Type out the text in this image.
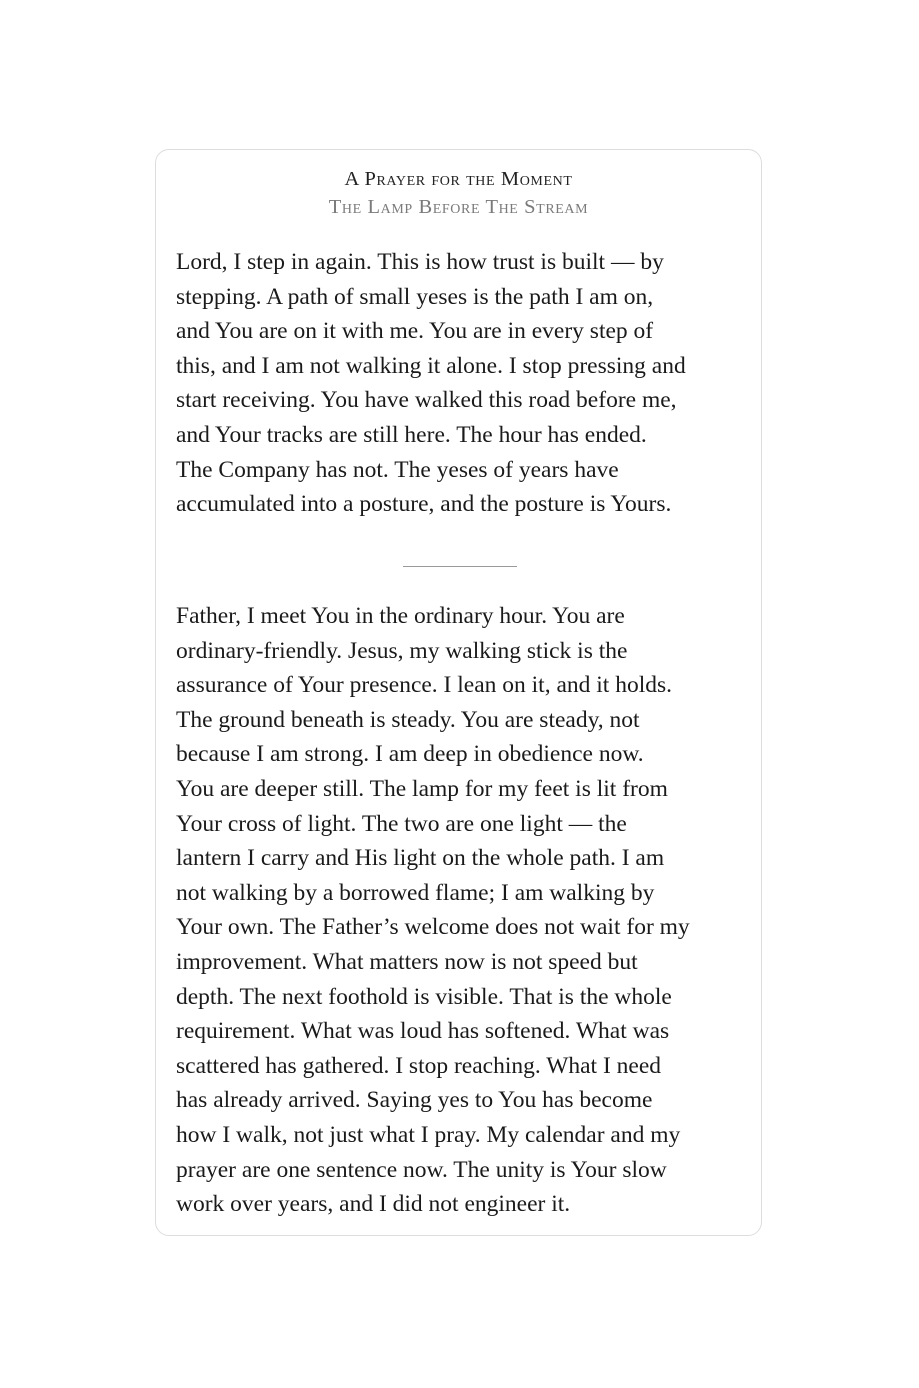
A Prayer for the Moment
The Lamp Before The Stream

Lord, I step in again. This is how trust is built — by
stepping. A path of small yeses is the path I am on,
and You are on it with me. You are in every step of
this, and I am not walking it alone. I stop pressing and
start receiving. You have walked this road before me,
and Your tracks are still here. The hour has ended.
The Company has not. The yeses of years have
accumulated into a posture, and the posture is Yours.

Father, I meet You in the ordinary hour. You are
ordinary-friendly. Jesus, my walking stick is the
assurance of Your presence. I lean on it, and it holds.
The ground beneath is steady. You are steady, not
because I am strong. I am deep in obedience now.
You are deeper still. The lamp for my feet is lit from
Your cross of light. The two are one light — the
lantern I carry and His light on the whole path. I am
not walking by a borrowed flame; I am walking by
Your own. The Father’s welcome does not wait for my
improvement. What matters now is not speed but
depth. The next foothold is visible. That is the whole
requirement. What was loud has softened. What was
scattered has gathered. I stop reaching. What I need
has already arrived. Saying yes to You has become
how I walk, not just what I pray. My calendar and my
prayer are one sentence now. The unity is Your slow
work over years, and I did not engineer it.
